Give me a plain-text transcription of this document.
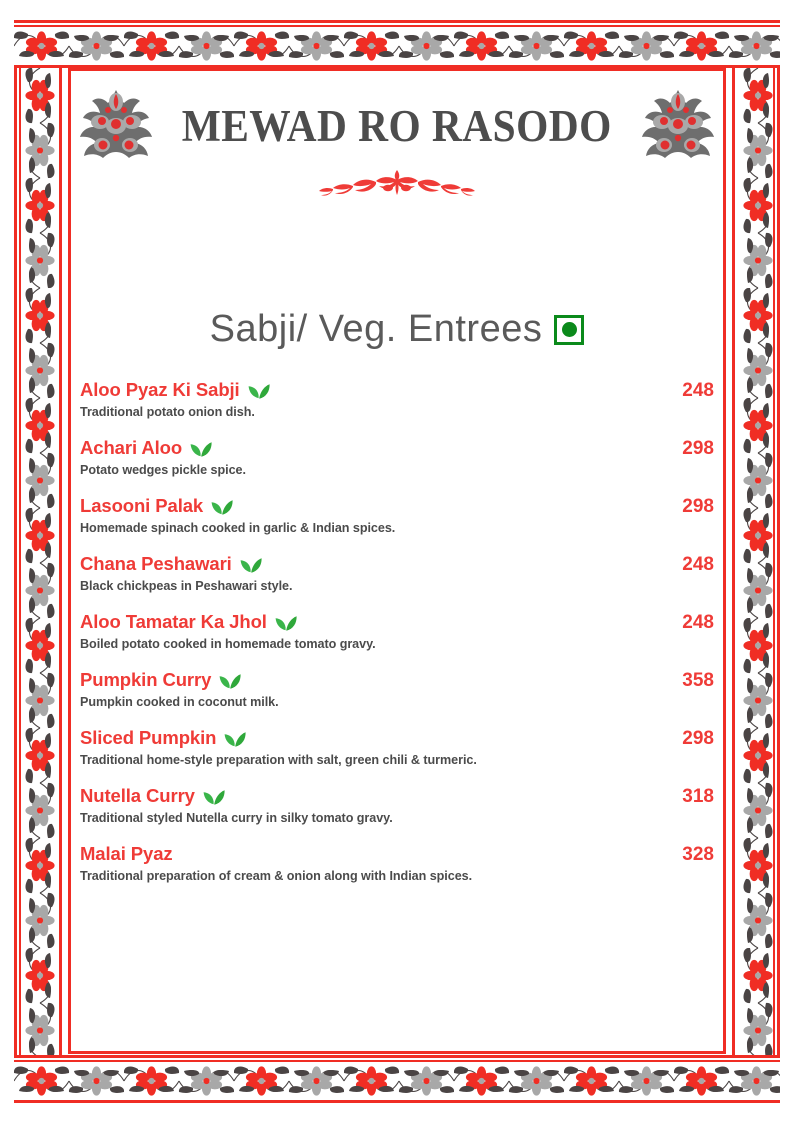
MEWAD RO RASODO
Sabji/ Veg. Entrees
Aloo Pyaz Ki Sabji	248
Traditional potato onion dish.
Achari Aloo	298
Potato wedges pickle spice.
Lasooni Palak	298
Homemade spinach cooked in garlic & Indian spices.
Chana Peshawari	248
Black chickpeas in Peshawari style.
Aloo Tamatar Ka Jhol	248
Boiled potato cooked in homemade tomato gravy.
Pumpkin Curry	358
Pumpkin cooked in coconut milk.
Sliced Pumpkin	298
Traditional home-style preparation with salt, green chili & turmeric.
Nutella Curry	318
Traditional styled Nutella curry in silky tomato gravy.
Malai Pyaz	328
Traditional preparation of cream & onion along with Indian spices.
